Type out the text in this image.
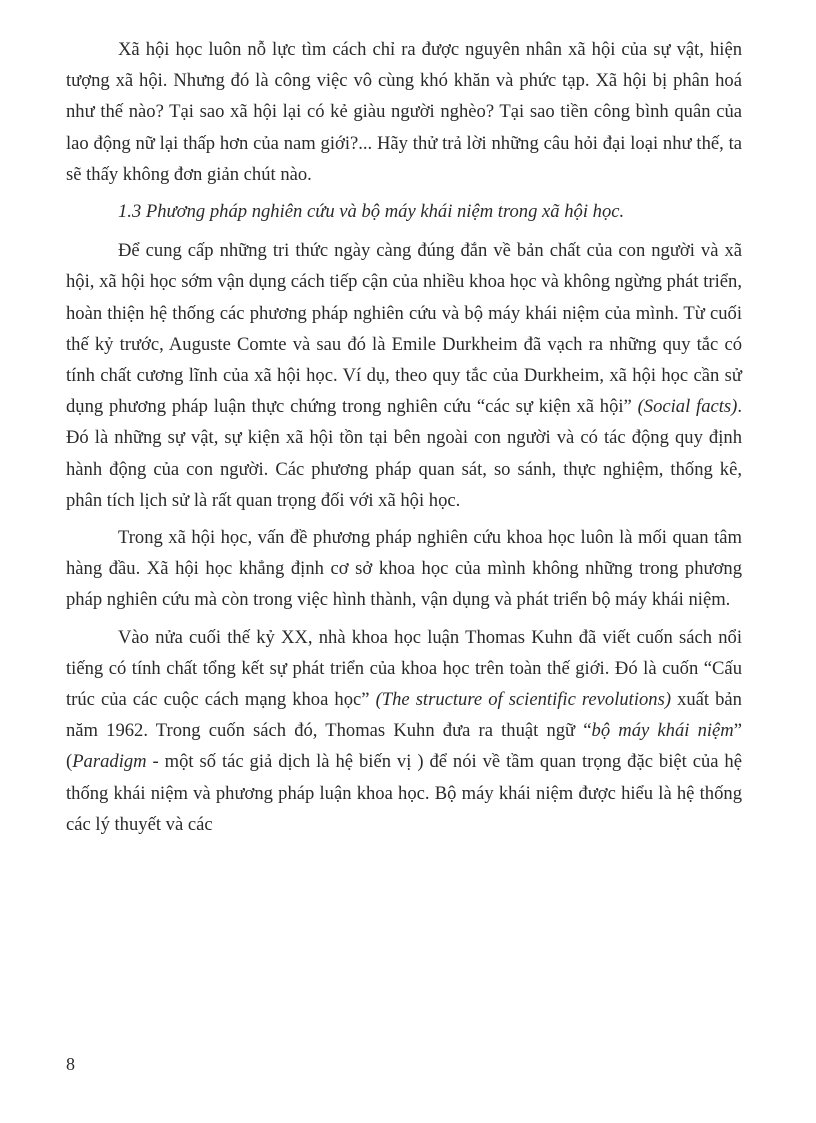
Xã hội học luôn nỗ lực tìm cách chỉ ra được nguyên nhân xã hội của sự vật, hiện tượng xã hội. Nhưng đó là công việc vô cùng khó khăn và phức tạp. Xã hội bị phân hoá như thế nào? Tại sao xã hội lại có kẻ giàu người nghèo? Tại sao tiền công bình quân của lao động nữ lại thấp hơn của nam giới?... Hãy thử trả lời những câu hỏi đại loại như thế, ta sẽ thấy không đơn giản chút nào.

1.3 Phương pháp nghiên cứu và bộ máy khái niệm trong xã hội học.

Để cung cấp những tri thức ngày càng đúng đắn về bản chất của con người và xã hội, xã hội học sớm vận dụng cách tiếp cận của nhiều khoa học và không ngừng phát triển, hoàn thiện hệ thống các phương pháp nghiên cứu và bộ máy khái niệm của mình. Từ cuối thế kỷ trước, Auguste Comte và sau đó là Emile Durkheim đã vạch ra những quy tắc có tính chất cương lĩnh của xã hội học. Ví dụ, theo quy tắc của Durkheim, xã hội học cần sử dụng phương pháp luận thực chứng trong nghiên cứu “các sự kiện xã hội” (Social facts). Đó là những sự vật, sự kiện xã hội tồn tại bên ngoài con người và có tác động quy định hành động của con người. Các phương pháp quan sát, so sánh, thực nghiệm, thống kê, phân tích lịch sử là rất quan trọng đối với xã hội học.

Trong xã hội học, vấn đề phương pháp nghiên cứu khoa học luôn là mối quan tâm hàng đầu. Xã hội học khẳng định cơ sở khoa học của mình không những trong phương pháp nghiên cứu mà còn trong việc hình thành, vận dụng và phát triển bộ máy khái niệm.

Vào nửa cuối thế kỷ XX, nhà khoa học luận Thomas Kuhn đã viết cuốn sách nổi tiếng có tính chất tổng kết sự phát triển của khoa học trên toàn thế giới. Đó là cuốn “Cấu trúc của các cuộc cách mạng khoa học” (The structure of scientific revolutions) xuất bản năm 1962. Trong cuốn sách đó, Thomas Kuhn đưa ra thuật ngữ “bộ máy khái niệm” (Paradigm - một số tác giả dịch là hệ biến vị ) để nói về tầm quan trọng đặc biệt của hệ thống khái niệm và phương pháp luận khoa học. Bộ máy khái niệm được hiểu là hệ thống các lý thuyết và các

8
